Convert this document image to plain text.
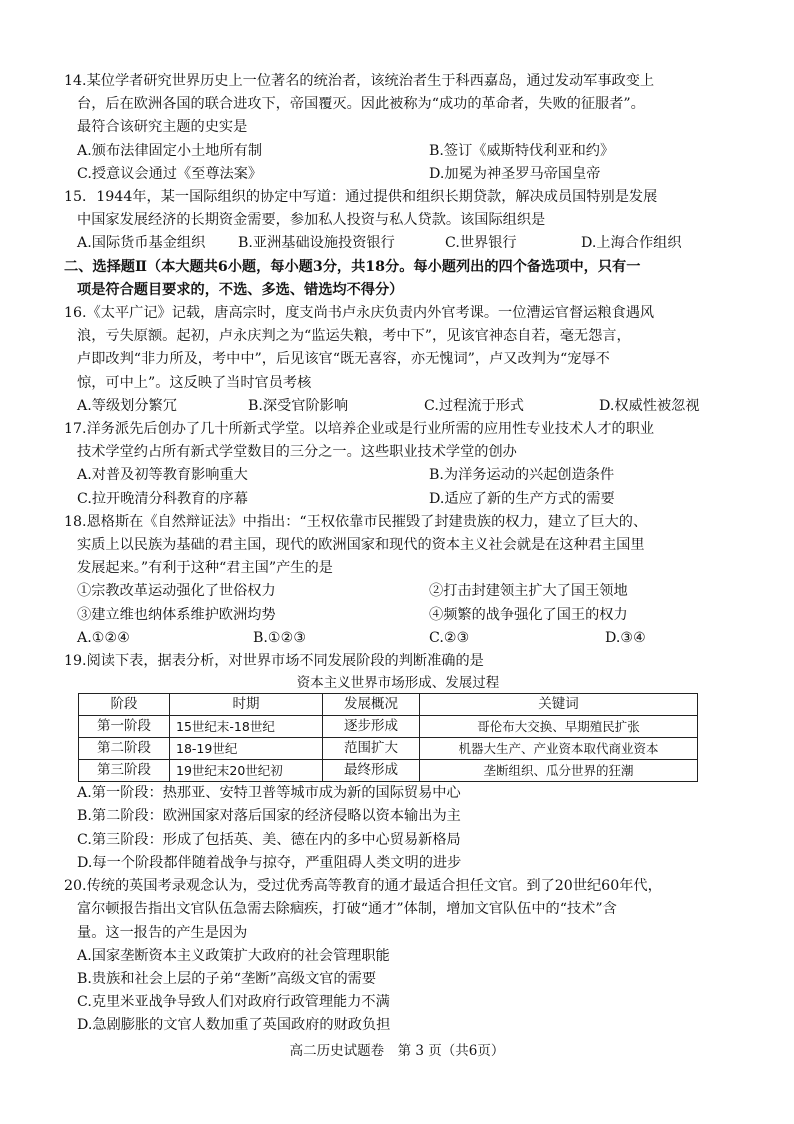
14.某位学者研究世界历史上一位著名的统治者，该统治者生于科西嘉岛，通过发动军事政变上
台，后在欧洲各国的联合进攻下，帝国覆灭。因此被称为“成功的革命者，失败的征服者”。
最符合该研究主题的史实是
A.颁布法律固定小土地所有制	B.签订《威斯特伐利亚和约》
C.授意议会通过《至尊法案》	D.加冕为神圣罗马帝国皇帝
15．1944年，某一国际组织的协定中写道：通过提供和组织长期贷款，解决成员国特别是发展
中国家发展经济的长期资金需要，参加私人投资与私人贷款。该国际组织是
A.国际货币基金组织	B.亚洲基础设施投资银行	C.世界银行	D.上海合作组织
二、选择题Ⅱ（本大题共6小题，每小题3分，共18分。每小题列出的四个备选项中，只有一
项是符合题目要求的，不选、多选、错选均不得分）
16.《太平广记》记载，唐高宗时，度支尚书卢永庆负责内外官考课。一位漕运官督运粮食遇风
浪，亏失原额。起初，卢永庆判之为“监运失粮，考中下”，见该官神态自若，毫无怨言，
卢即改判“非力所及，考中中”，后见该官“既无喜容，亦无愧词”，卢又改判为“宠辱不
惊，可中上”。这反映了当时官员考核
A.等级划分繁冗	B.深受官阶影响	C.过程流于形式	D.权威性被忽视
17.洋务派先后创办了几十所新式学堂。以培养企业或是行业所需的应用性专业技术人才的职业
技术学堂约占所有新式学堂数目的三分之一。这些职业技术学堂的创办
A.对普及初等教育影响重大	B.为洋务运动的兴起创造条件
C.拉开晚清分科教育的序幕	D.适应了新的生产方式的需要
18.恩格斯在《自然辩证法》中指出：“王权依靠市民摧毁了封建贵族的权力，建立了巨大的、
实质上以民族为基础的君主国，现代的欧洲国家和现代的资本主义社会就是在这种君主国里
发展起来。”有利于这种“君主国”产生的是
①宗教改革运动强化了世俗权力	②打击封建领主扩大了国王领地
③建立维也纳体系维护欧洲均势	④频繁的战争强化了国王的权力
A.①②④	B.①②③	C.②③	D.③④
19.阅读下表，据表分析，对世界市场不同发展阶段的判断准确的是
资本主义世界市场形成、发展过程
阶段	时期	发展概况	关键词
第一阶段	15世纪末-18世纪	逐步形成	哥伦布大交换、早期殖民扩张
第二阶段	18-19世纪	范围扩大	机器大生产、产业资本取代商业资本
第三阶段	19世纪末20世纪初	最终形成	垄断组织、瓜分世界的狂潮
A.第一阶段：热那亚、安特卫普等城市成为新的国际贸易中心
B.第二阶段：欧洲国家对落后国家的经济侵略以资本输出为主
C.第三阶段：形成了包括英、美、德在内的多中心贸易新格局
D.每一个阶段都伴随着战争与掠夺，严重阻碍人类文明的进步
20.传统的英国考录观念认为，受过优秀高等教育的通才最适合担任文官。到了20世纪60年代，
富尔顿报告指出文官队伍急需去除痼疾，打破“通才”体制，增加文官队伍中的“技术”含
量。这一报告的产生是因为
A.国家垄断资本主义政策扩大政府的社会管理职能
B.贵族和社会上层的子弟“垄断”高级文官的需要
C.克里米亚战争导致人们对政府行政管理能力不满
D.急剧膨胀的文官人数加重了英国政府的财政负担
高二历史试题卷　第 3 页（共6页）
